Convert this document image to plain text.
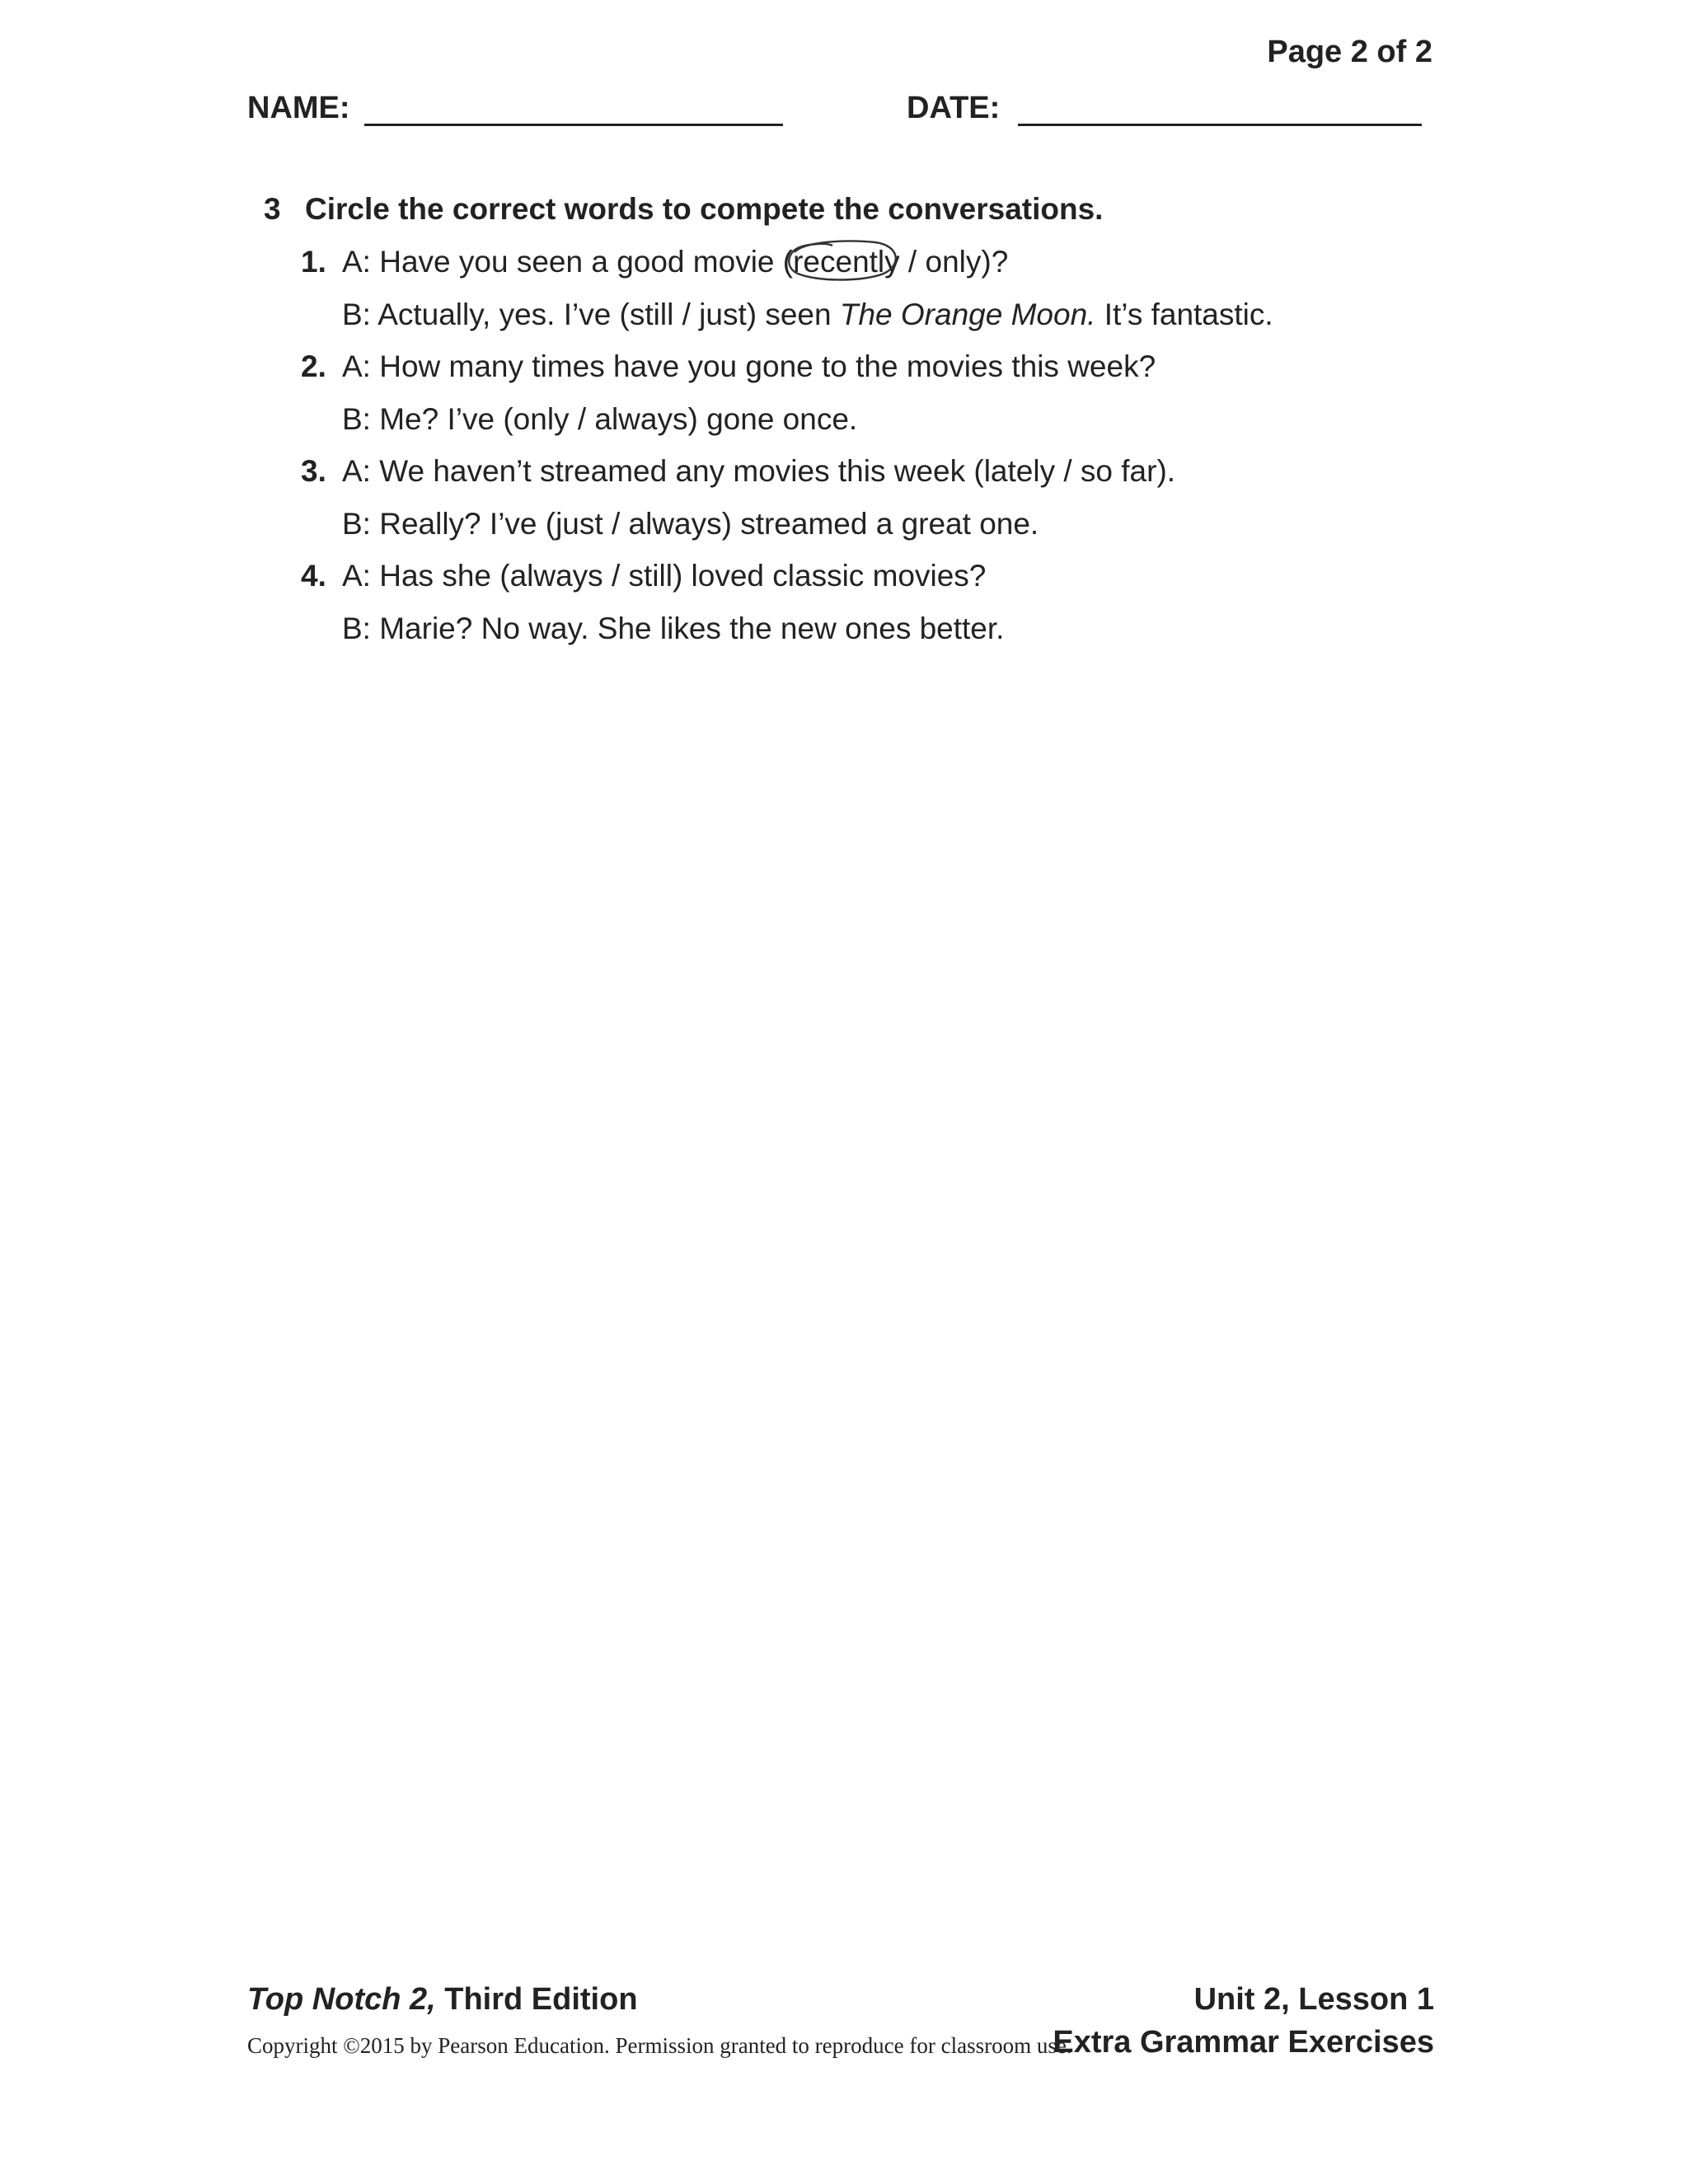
Page 2 of 2
NAME:	DATE:
3 Circle the correct words to compete the conversations.
1. A: Have you seen a good movie (recently
/ only)?
B: Actually, yes. I’ve (still / just) seen The Orange Moon. It’s fantastic.
2. A: How many times have you gone to the movies this week?
B: Me? I’ve (only / always) gone once.
3. A: We haven’t streamed any movies this week (lately / so far).
B: Really? I’ve (just / always) streamed a great one.
4. A: Has she (always / still) loved classic movies?
B: Marie? No way. She likes the new ones better.
Top Notch 2, Third Edition
Copyright ©2015 by Pearson Education. Permission granted to reproduce for classroom use.
Unit 2, Lesson 1
Extra Grammar Exercises
